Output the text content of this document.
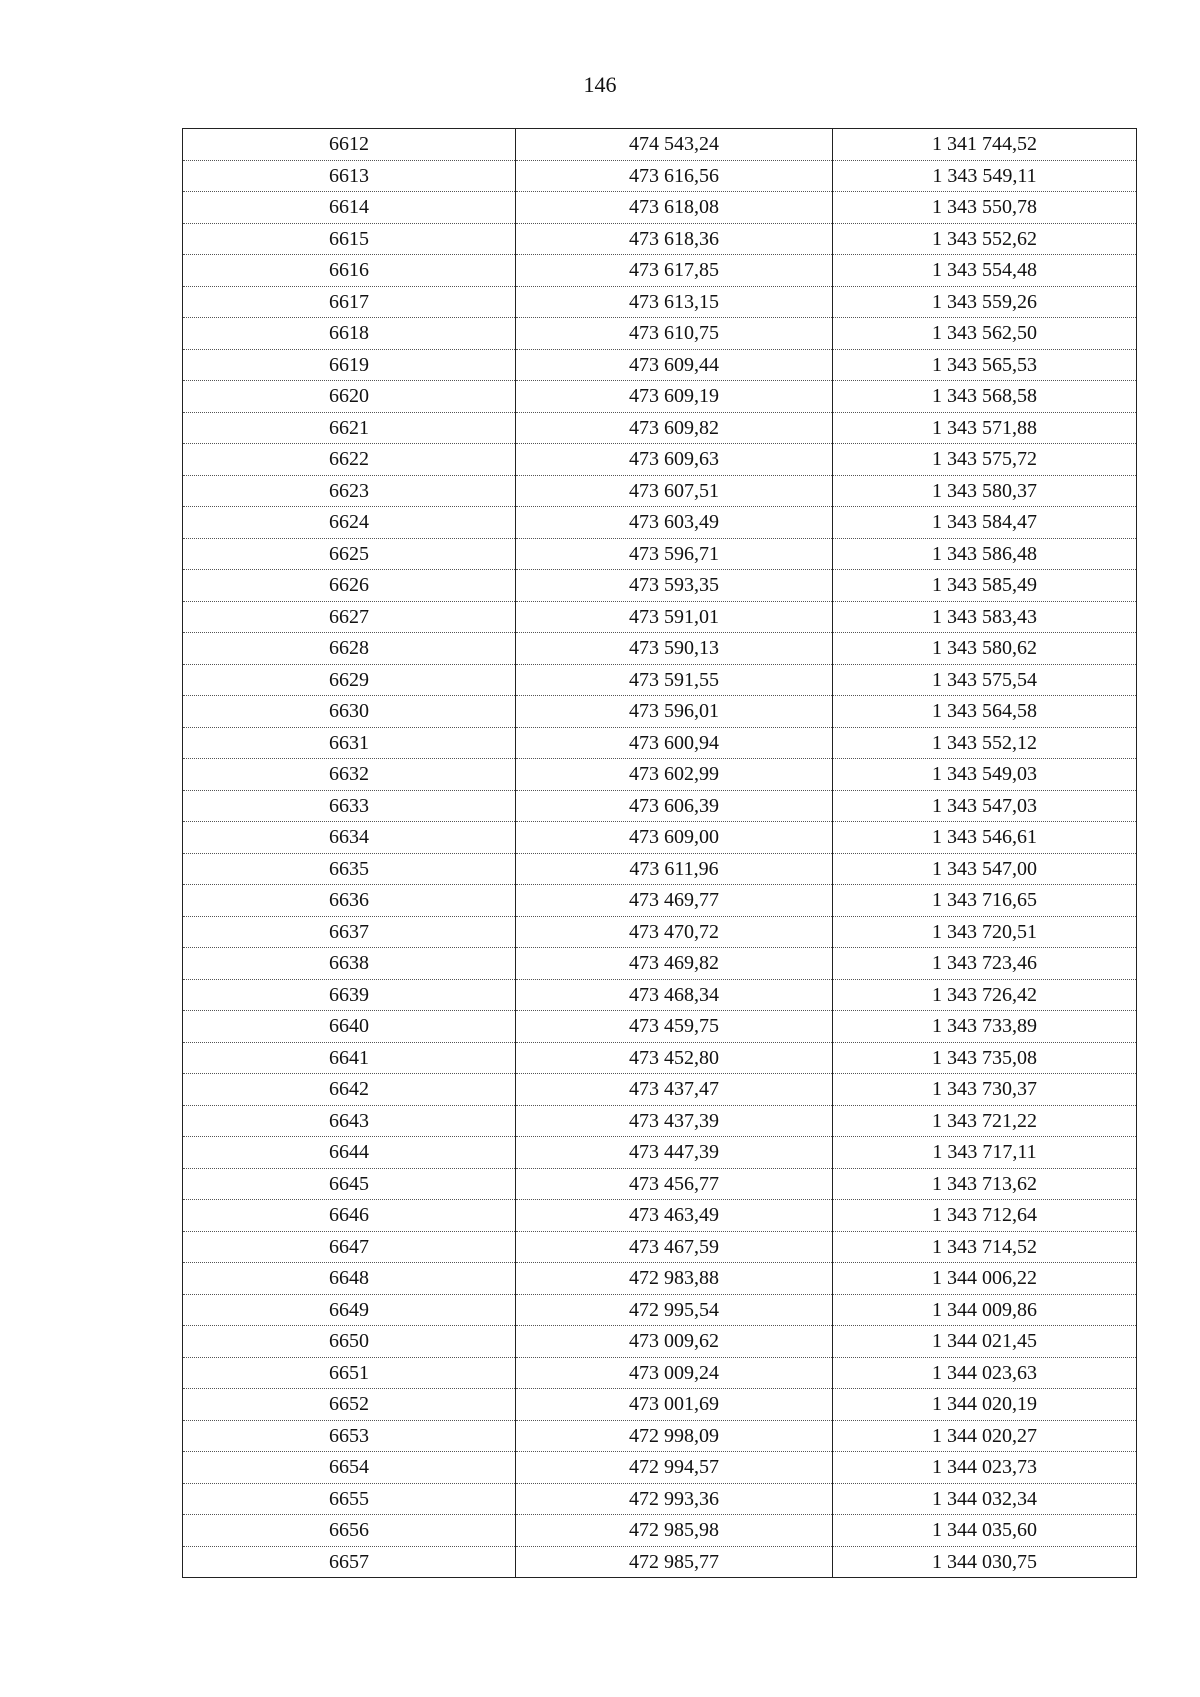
146
6612	474 543,24	1 341 744,52
6613	473 616,56	1 343 549,11
6614	473 618,08	1 343 550,78
6615	473 618,36	1 343 552,62
6616	473 617,85	1 343 554,48
6617	473 613,15	1 343 559,26
6618	473 610,75	1 343 562,50
6619	473 609,44	1 343 565,53
6620	473 609,19	1 343 568,58
6621	473 609,82	1 343 571,88
6622	473 609,63	1 343 575,72
6623	473 607,51	1 343 580,37
6624	473 603,49	1 343 584,47
6625	473 596,71	1 343 586,48
6626	473 593,35	1 343 585,49
6627	473 591,01	1 343 583,43
6628	473 590,13	1 343 580,62
6629	473 591,55	1 343 575,54
6630	473 596,01	1 343 564,58
6631	473 600,94	1 343 552,12
6632	473 602,99	1 343 549,03
6633	473 606,39	1 343 547,03
6634	473 609,00	1 343 546,61
6635	473 611,96	1 343 547,00
6636	473 469,77	1 343 716,65
6637	473 470,72	1 343 720,51
6638	473 469,82	1 343 723,46
6639	473 468,34	1 343 726,42
6640	473 459,75	1 343 733,89
6641	473 452,80	1 343 735,08
6642	473 437,47	1 343 730,37
6643	473 437,39	1 343 721,22
6644	473 447,39	1 343 717,11
6645	473 456,77	1 343 713,62
6646	473 463,49	1 343 712,64
6647	473 467,59	1 343 714,52
6648	472 983,88	1 344 006,22
6649	472 995,54	1 344 009,86
6650	473 009,62	1 344 021,45
6651	473 009,24	1 344 023,63
6652	473 001,69	1 344 020,19
6653	472 998,09	1 344 020,27
6654	472 994,57	1 344 023,73
6655	472 993,36	1 344 032,34
6656	472 985,98	1 344 035,60
6657	472 985,77	1 344 030,75
